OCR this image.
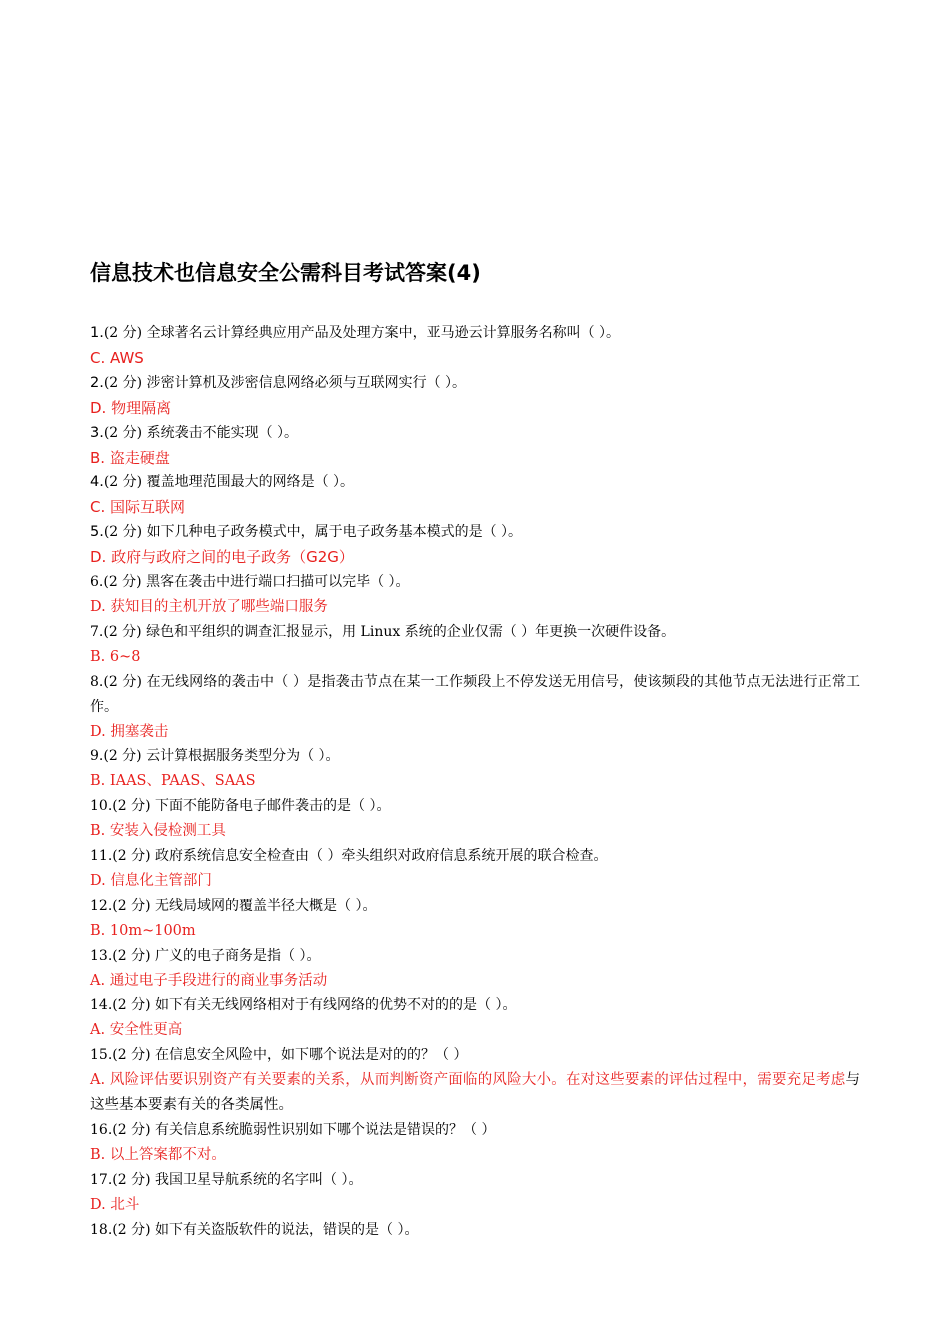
信息技术也信息安全公需科目考试答案(4)

1.(2 分) 全球著名云计算经典应用产品及处理方案中，亚马逊云计算服务名称叫（ ）。

C. AWS

2.(2 分) 涉密计算机及涉密信息网络必须与互联网实行（ ）。

D. 物理隔离

3.(2 分) 系统袭击不能实现（ ）。

B. 盗走硬盘

4.(2 分) 覆盖地理范围最大的网络是（ ）。

C. 国际互联网

5.(2 分) 如下几种电子政务模式中，属于电子政务基本模式的是（ ）。

D. 政府与政府之间的电子政务（G2G）

6.(2 分) 黑客在袭击中进行端口扫描可以完毕（ ）。

D. 获知目的主机开放了哪些端口服务

7.(2 分) 绿色和平组织的调查汇报显示，用 Linux 系统的企业仅需（ ）年更换一次硬件设备。

B. 6~8

8.(2 分) 在无线网络的袭击中（ ）是指袭击节点在某一工作频段上不停发送无用信号，使该频段的其他节点无法进行正常工作。

D. 拥塞袭击

9.(2 分) 云计算根据服务类型分为（ ）。

B. IAAS、PAAS、SAAS

10.(2 分) 下面不能防备电子邮件袭击的是（ ）。

B. 安装入侵检测工具

11.(2 分) 政府系统信息安全检查由（ ）牵头组织对政府信息系统开展的联合检查。

D. 信息化主管部门

12.(2 分) 无线局域网的覆盖半径大概是（ ）。

B. 10m~100m

13.(2 分) 广义的电子商务是指（ ）。

A. 通过电子手段进行的商业事务活动

14.(2 分) 如下有关无线网络相对于有线网络的优势不对的的是（ ）。

A. 安全性更高

15.(2 分) 在信息安全风险中，如下哪个说法是对的的？（ ）

A. 风险评估要识别资产有关要素的关系，从而判断资产面临的风险大小。在对这些要素的评估过程中，需要充足考虑与这些基本要素有关的各类属性。

16.(2 分) 有关信息系统脆弱性识别如下哪个说法是错误的？（ ）

B. 以上答案都不对。

17.(2 分) 我国卫星导航系统的名字叫（ ）。

D. 北斗

18.(2 分) 如下有关盗版软件的说法，错误的是（ ）。
